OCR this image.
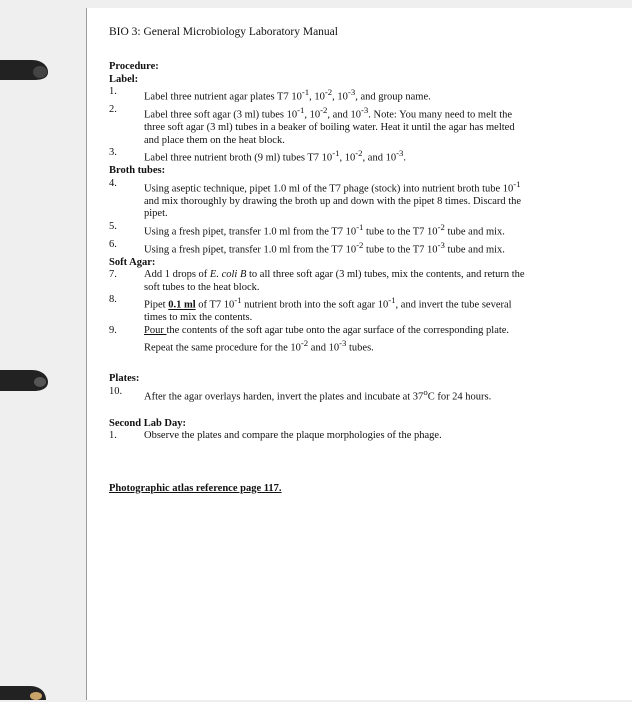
BIO 3: General Microbiology Laboratory Manual
Procedure:
Label:
1.	Label three nutrient agar plates T7 $10^{-1}$, $10^{-2}$, $10^{-3}$, and group name.
2.	Label three soft agar (3 ml) tubes $10^{-1}$, $10^{-2}$, and $10^{-3}$. Note: You many need to melt the three soft agar (3 ml) tubes in a beaker of boiling water. Heat it until the agar has melted and place them on the heat block.
3.	Label three nutrient broth (9 ml) tubes T7 $10^{-1}$, $10^{-2}$, and $10^{-3}$.
Broth tubes:
4.	Using aseptic technique, pipet 1.0 ml of the T7 phage (stock) into nutrient broth tube $10^{-1}$ and mix thoroughly by drawing the broth up and down with the pipet 8 times. Discard the pipet.
5.	Using a fresh pipet, transfer 1.0 ml from the T7 $10^{-1}$ tube to the T7 $10^{-2}$ tube and mix.
6.	Using a fresh pipet, transfer 1.0 ml from the T7 $10^{-2}$ tube to the T7 $10^{-3}$ tube and mix.
Soft Agar:
7.	Add 1 drops of E. coli B to all three soft agar (3 ml) tubes, mix the contents, and return the soft tubes to the heat block.
8.	Pipet 0.1 ml of T7 $10^{-1}$ nutrient broth into the soft agar $10^{-1}$, and invert the tube several times to mix the contents.
9.	Pour the contents of the soft agar tube onto the agar surface of the corresponding plate. Repeat the same procedure for the $10^{-2}$ and $10^{-3}$ tubes.
Plates:
10.	After the agar overlays harden, invert the plates and incubate at 37$^o$C for 24 hours.
Second Lab Day:
1.	Observe the plates and compare the plaque morphologies of the phage.
Photographic atlas reference page 117.
